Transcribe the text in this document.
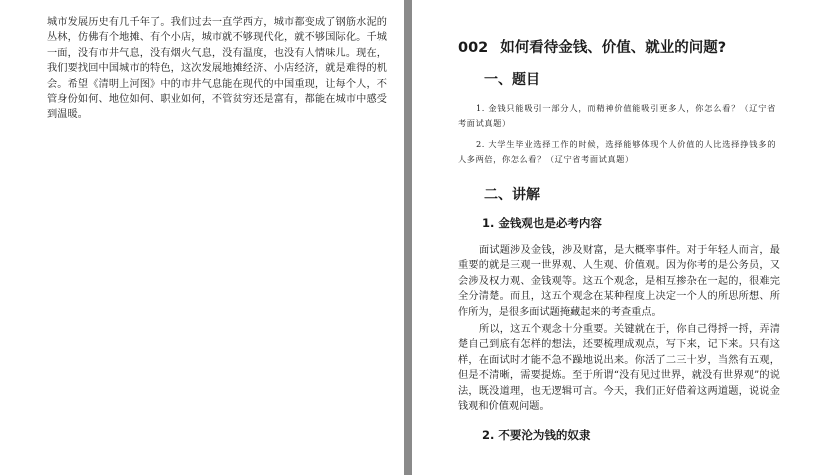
城市发展历史有几千年了。我们过去一直学西方，城市都变成了钢筋水泥的丛林，仿佛有个地摊、有个小店，城市就不够现代化，就不够国际化。千城一面，没有市井气息，没有烟火气息，没有温度，也没有人情味儿。现在，我们要找回中国城市的特色，这次发展地摊经济、小店经济，就是难得的机会。希望《清明上河图》中的市井气息能在现代的中国重现，让每个人，不管身份如何、地位如何、职业如何，不管贫穷还是富有，都能在城市中感受到温暖。

002 如何看待金钱、价值、就业的问题?
一、题目

1. 金钱只能吸引一部分人，而精神价值能吸引更多人，你怎么看？（辽宁省考面试真题）

2. 大学生毕业选择工作的时候，选择能够体现个人价值的人比选择挣钱多的人多两倍，你怎么看？（辽宁省考面试真题）

二、讲解
1. 金钱观也是必考内容

面试题涉及金钱，涉及财富，是大概率事件。对于年轻人而言，最重要的就是三观一世界观、人生观、价值观。因为你考的是公务员，又会涉及权力观、金钱观等。这五个观念，是相互掺杂在一起的，很难完全分清楚。而且，这五个观念在某种程度上决定一个人的所思所想、所作所为，是很多面试题掩藏起来的考查重点。

所以，这五个观念十分重要。关键就在于，你自己得捋一捋，弄清楚自己到底有怎样的想法，还要梳理成观点，写下来，记下来。只有这样，在面试时才能不急不躁地说出来。你活了二三十岁，当然有五观，但是不清晰，需要提炼。至于所谓“没有见过世界，就没有世界观”的说法，既没道理，也无逻辑可言。今天，我们正好借着这两道题，说说金钱观和价值观问题。

2. 不要沦为钱的奴隶
